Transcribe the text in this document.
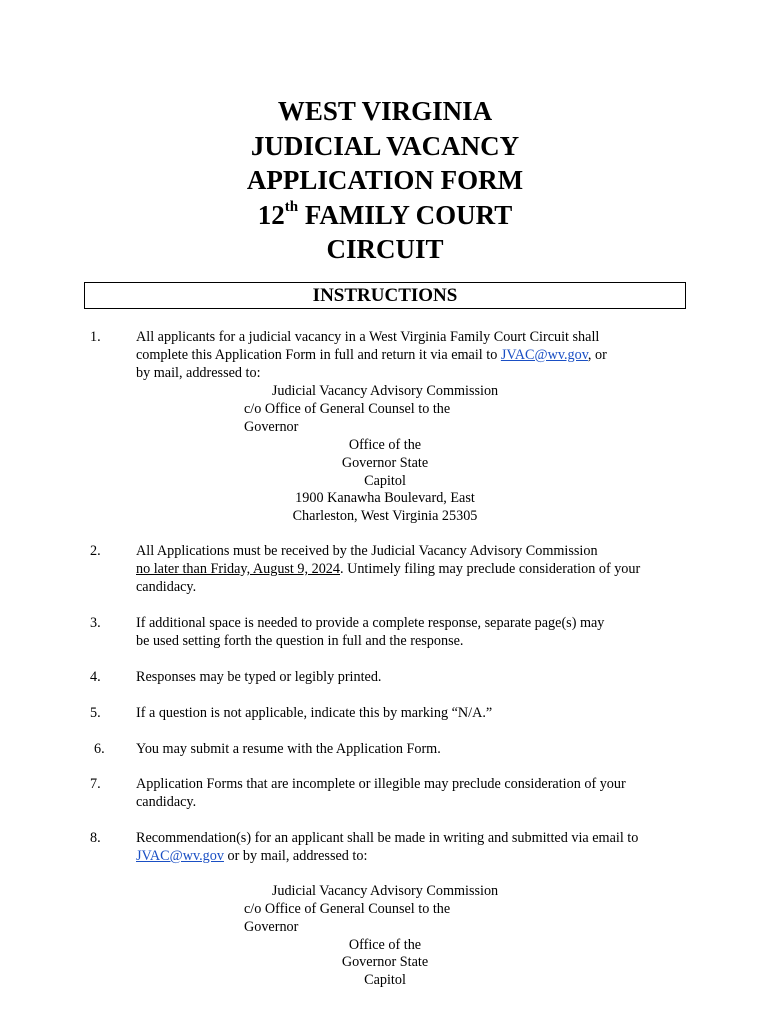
WEST VIRGINIA
JUDICIAL VACANCY
APPLICATION FORM
12th FAMILY COURT
CIRCUIT
INSTRUCTIONS
1. All applicants for a judicial vacancy in a West Virginia Family Court Circuit shall
complete this Application Form in full and return it via email to JVAC@wv.gov, or
by mail, addressed to:
Judicial Vacancy Advisory Commission
c/o Office of General Counsel to the
Governor
Office of the
Governor State
Capitol
1900 Kanawha Boulevard, East
Charleston, West Virginia 25305
2. All Applications must be received by the Judicial Vacancy Advisory Commission
no later than Friday, August 9, 2024. Untimely filing may preclude consideration of your
candidacy.
3. If additional space is needed to provide a complete response, separate page(s) may
be used setting forth the question in full and the response.
4. Responses may be typed or legibly printed.
5. If a question is not applicable, indicate this by marking “N/A.”
6. You may submit a resume with the Application Form.
7. Application Forms that are incomplete or illegible may preclude consideration of your
candidacy.
8. Recommendation(s) for an applicant shall be made in writing and submitted via email to
JVAC@wv.gov or by mail, addressed to:
Judicial Vacancy Advisory Commission
c/o Office of General Counsel to the
Governor
Office of the
Governor State
Capitol
